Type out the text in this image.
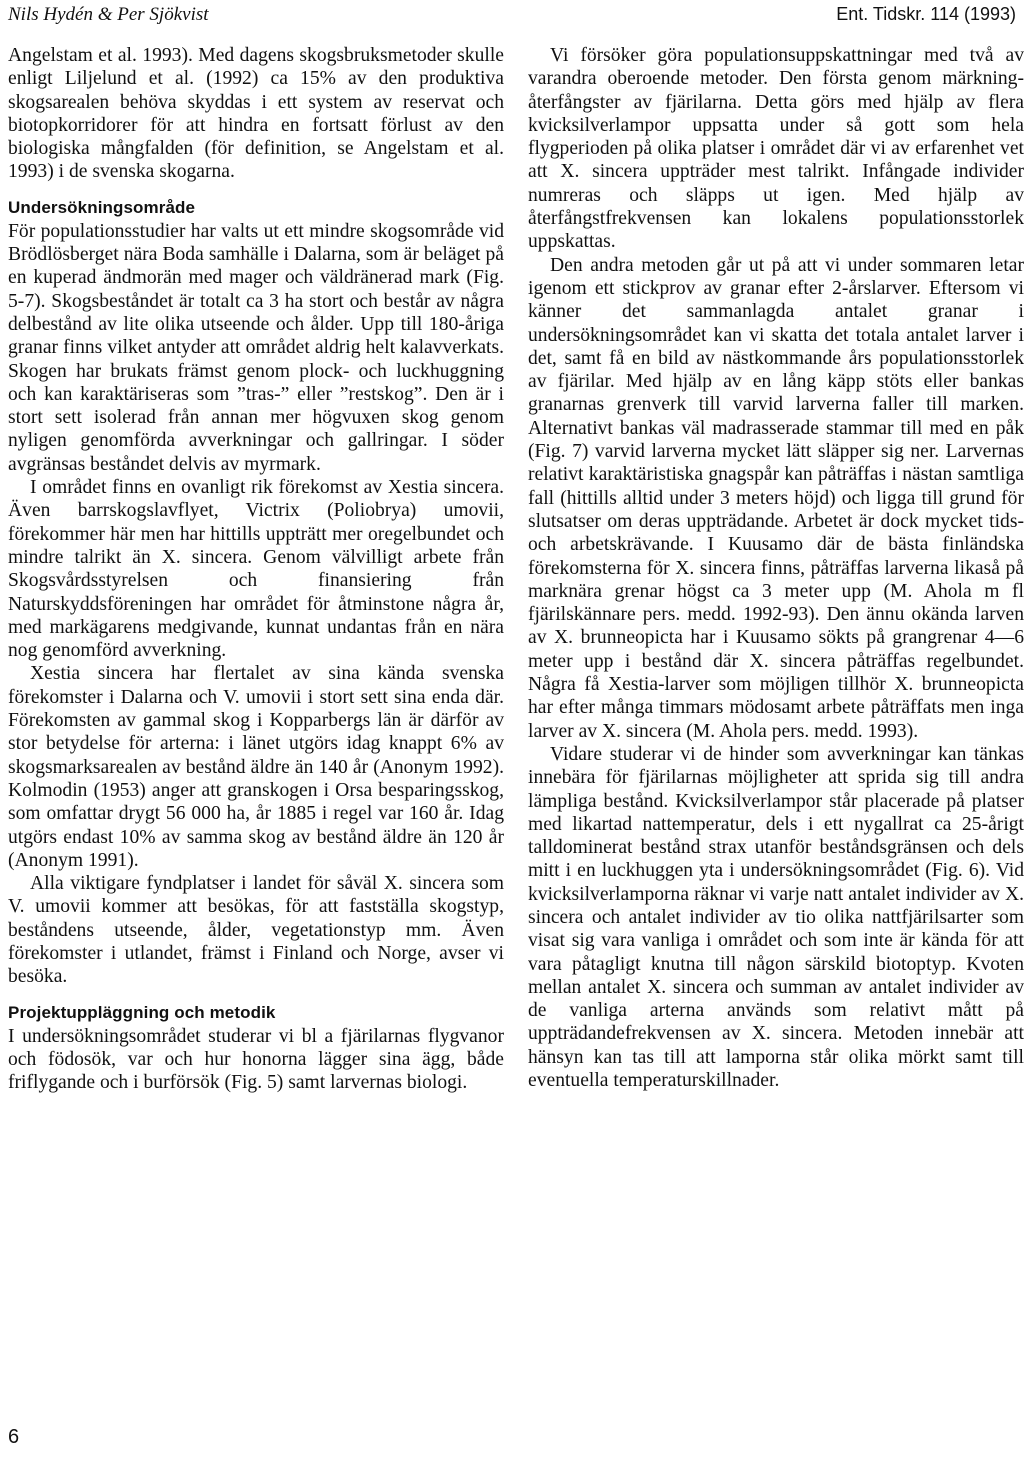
Nils Hydén & Per Sjökvist	Ent. Tidskr. 114 (1993)

Angelstam et al. 1993). Med dagens skogsbruksmetoder skulle enligt Liljelund et al. (1992) ca 15% av den produktiva skogsarealen behöva skyddas i ett system av reservat och biotopkorridorer för att hindra en fortsatt förlust av den biologiska mångfalden (för definition, se Angelstam et al. 1993) i de svenska skogarna.

Undersökningsområde

För populationsstudier har valts ut ett mindre skogsområde vid Brödlösberget nära Boda samhälle i Dalarna, som är beläget på en kuperad ändmorän med mager och väldränerad mark (Fig. 5-7). Skogsbeståndet är totalt ca 3 ha stort och består av några delbestånd av lite olika utseende och ålder. Upp till 180-åriga granar finns vilket antyder att området aldrig helt kalavverkats. Skogen har brukats främst genom plock- och luckhuggning och kan karaktäriseras som ”tras-” eller ”restskog”. Den är i stort sett isolerad från annan mer högvuxen skog genom nyligen genomförda avverkningar och gallringar. I söder avgränsas beståndet delvis av myrmark.

I området finns en ovanligt rik förekomst av Xestia sincera. Även barrskogslavflyet, Victrix (Poliobrya) umovii, förekommer här men har hittills uppträtt mer oregelbundet och mindre talrikt än X. sincera. Genom välvilligt arbete från Skogsvårdsstyrelsen och finansiering från Naturskyddsföreningen har området för åtminstone några år, med markägarens medgivande, kunnat undantas från en nära nog genomförd avverkning.

Xestia sincera har flertalet av sina kända svenska förekomster i Dalarna och V. umovii i stort sett sina enda där. Förekomsten av gammal skog i Kopparbergs län är därför av stor betydelse för arterna: i länet utgörs idag knappt 6% av skogsmarksarealen av bestånd äldre än 140 år (Anonym 1992). Kolmodin (1953) anger att granskogen i Orsa besparingsskog, som omfattar drygt 56 000 ha, år 1885 i regel var 160 år. Idag utgörs endast 10% av samma skog av bestånd äldre än 120 år (Anonym 1991).

Alla viktigare fyndplatser i landet för såväl X. sincera som V. umovii kommer att besökas, för att fastställa skogstyp, beståndens utseende, ålder, vegetationstyp mm. Även förekomster i utlandet, främst i Finland och Norge, avser vi besöka.

Projektuppläggning och metodik

I undersökningsområdet studerar vi bl a fjärilarnas flygvanor och födosök, var och hur honorna lägger sina ägg, både friflygande och i burförsök (Fig. 5) samt larvernas biologi.

Vi försöker göra populationsuppskattningar med två av varandra oberoende metoder. Den första genom märkning-återfångster av fjärilarna. Detta görs med hjälp av flera kvicksilverlampor uppsatta under så gott som hela flygperioden på olika platser i området där vi av erfarenhet vet att X. sincera uppträder mest talrikt. Infångade individer numreras och släpps ut igen. Med hjälp av återfångstfrekvensen kan lokalens populationsstorlek uppskattas.

Den andra metoden går ut på att vi under sommaren letar igenom ett stickprov av granar efter 2-årslarver. Eftersom vi känner det sammanlagda antalet granar i undersökningsområdet kan vi skatta det totala antalet larver i det, samt få en bild av nästkommande års populationsstorlek av fjärilar. Med hjälp av en lång käpp stöts eller bankas granarnas grenverk till varvid larverna faller till marken. Alternativt bankas väl madrasserade stammar till med en påk (Fig. 7) varvid larverna mycket lätt släpper sig ner. Larvernas relativt karaktäristiska gnagspår kan påträffas i nästan samtliga fall (hittills alltid under 3 meters höjd) och ligga till grund för slutsatser om deras uppträdande. Arbetet är dock mycket tids- och arbetskrävande. I Kuusamo där de bästa finländska förekomsterna för X. sincera finns, påträffas larverna likaså på marknära grenar högst ca 3 meter upp (M. Ahola m fl fjärilskännare pers. medd. 1992-93). Den ännu okända larven av X. brunneopicta har i Kuusamo sökts på grangrenar 4—6 meter upp i bestånd där X. sincera påträffas regelbundet. Några få Xestia-larver som möjligen tillhör X. brunneopicta har efter många timmars mödosamt arbete påträffats men inga larver av X. sincera (M. Ahola pers. medd. 1993).

Vidare studerar vi de hinder som avverkningar kan tänkas innebära för fjärilarnas möjligheter att sprida sig till andra lämpliga bestånd. Kvicksilverlampor står placerade på platser med likartad nattemperatur, dels i ett nygallrat ca 25-årigt talldominerat bestånd strax utanför beståndsgränsen och dels mitt i en luckhuggen yta i undersökningsområdet (Fig. 6). Vid kvicksilverlamporna räknar vi varje natt antalet individer av X. sincera och antalet individer av tio olika nattfjärilsarter som visat sig vara vanliga i området och som inte är kända för att vara påtagligt knutna till någon särskild biotoptyp. Kvoten mellan antalet X. sincera och summan av antalet individer av de vanliga arterna används som relativt mått på uppträdandefrekvensen av X. sincera. Metoden innebär att hänsyn kan tas till att lamporna står olika mörkt samt till eventuella temperaturskillnader.

6
